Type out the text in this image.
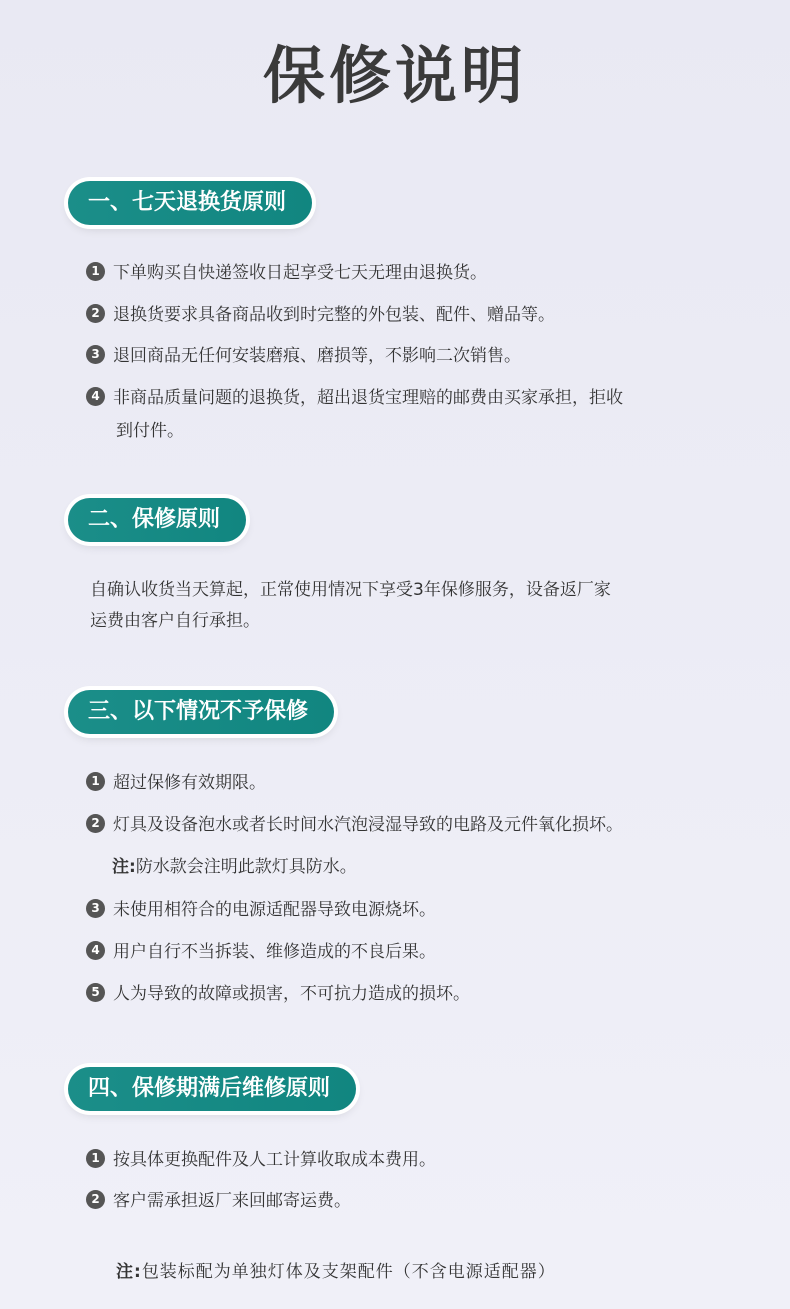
保修说明
一、七天退换货原则
1 下单购买自快递签收日起享受七天无理由退换货。
2 退换货要求具备商品收到时完整的外包装、配件、赠品等。
3 退回商品无任何安装磨痕、磨损等，不影响二次销售。
4 非商品质量问题的退换货，超出退货宝理赔的邮费由买家承担，拒收
到付件。
二、保修原则
自确认收货当天算起，正常使用情况下享受3年保修服务，设备返厂家
运费由客户自行承担。
三、以下情况不予保修
1 超过保修有效期限。
2 灯具及设备泡水或者长时间水汽泡浸湿导致的电路及元件氧化损坏。
注:防水款会注明此款灯具防水。
3 未使用相符合的电源适配器导致电源烧坏。
4 用户自行不当拆装、维修造成的不良后果。
5 人为导致的故障或损害，不可抗力造成的损坏。
四、保修期满后维修原则
1 按具体更换配件及人工计算收取成本费用。
2 客户需承担返厂来回邮寄运费。
注:包装标配为单独灯体及支架配件（不含电源适配器）
